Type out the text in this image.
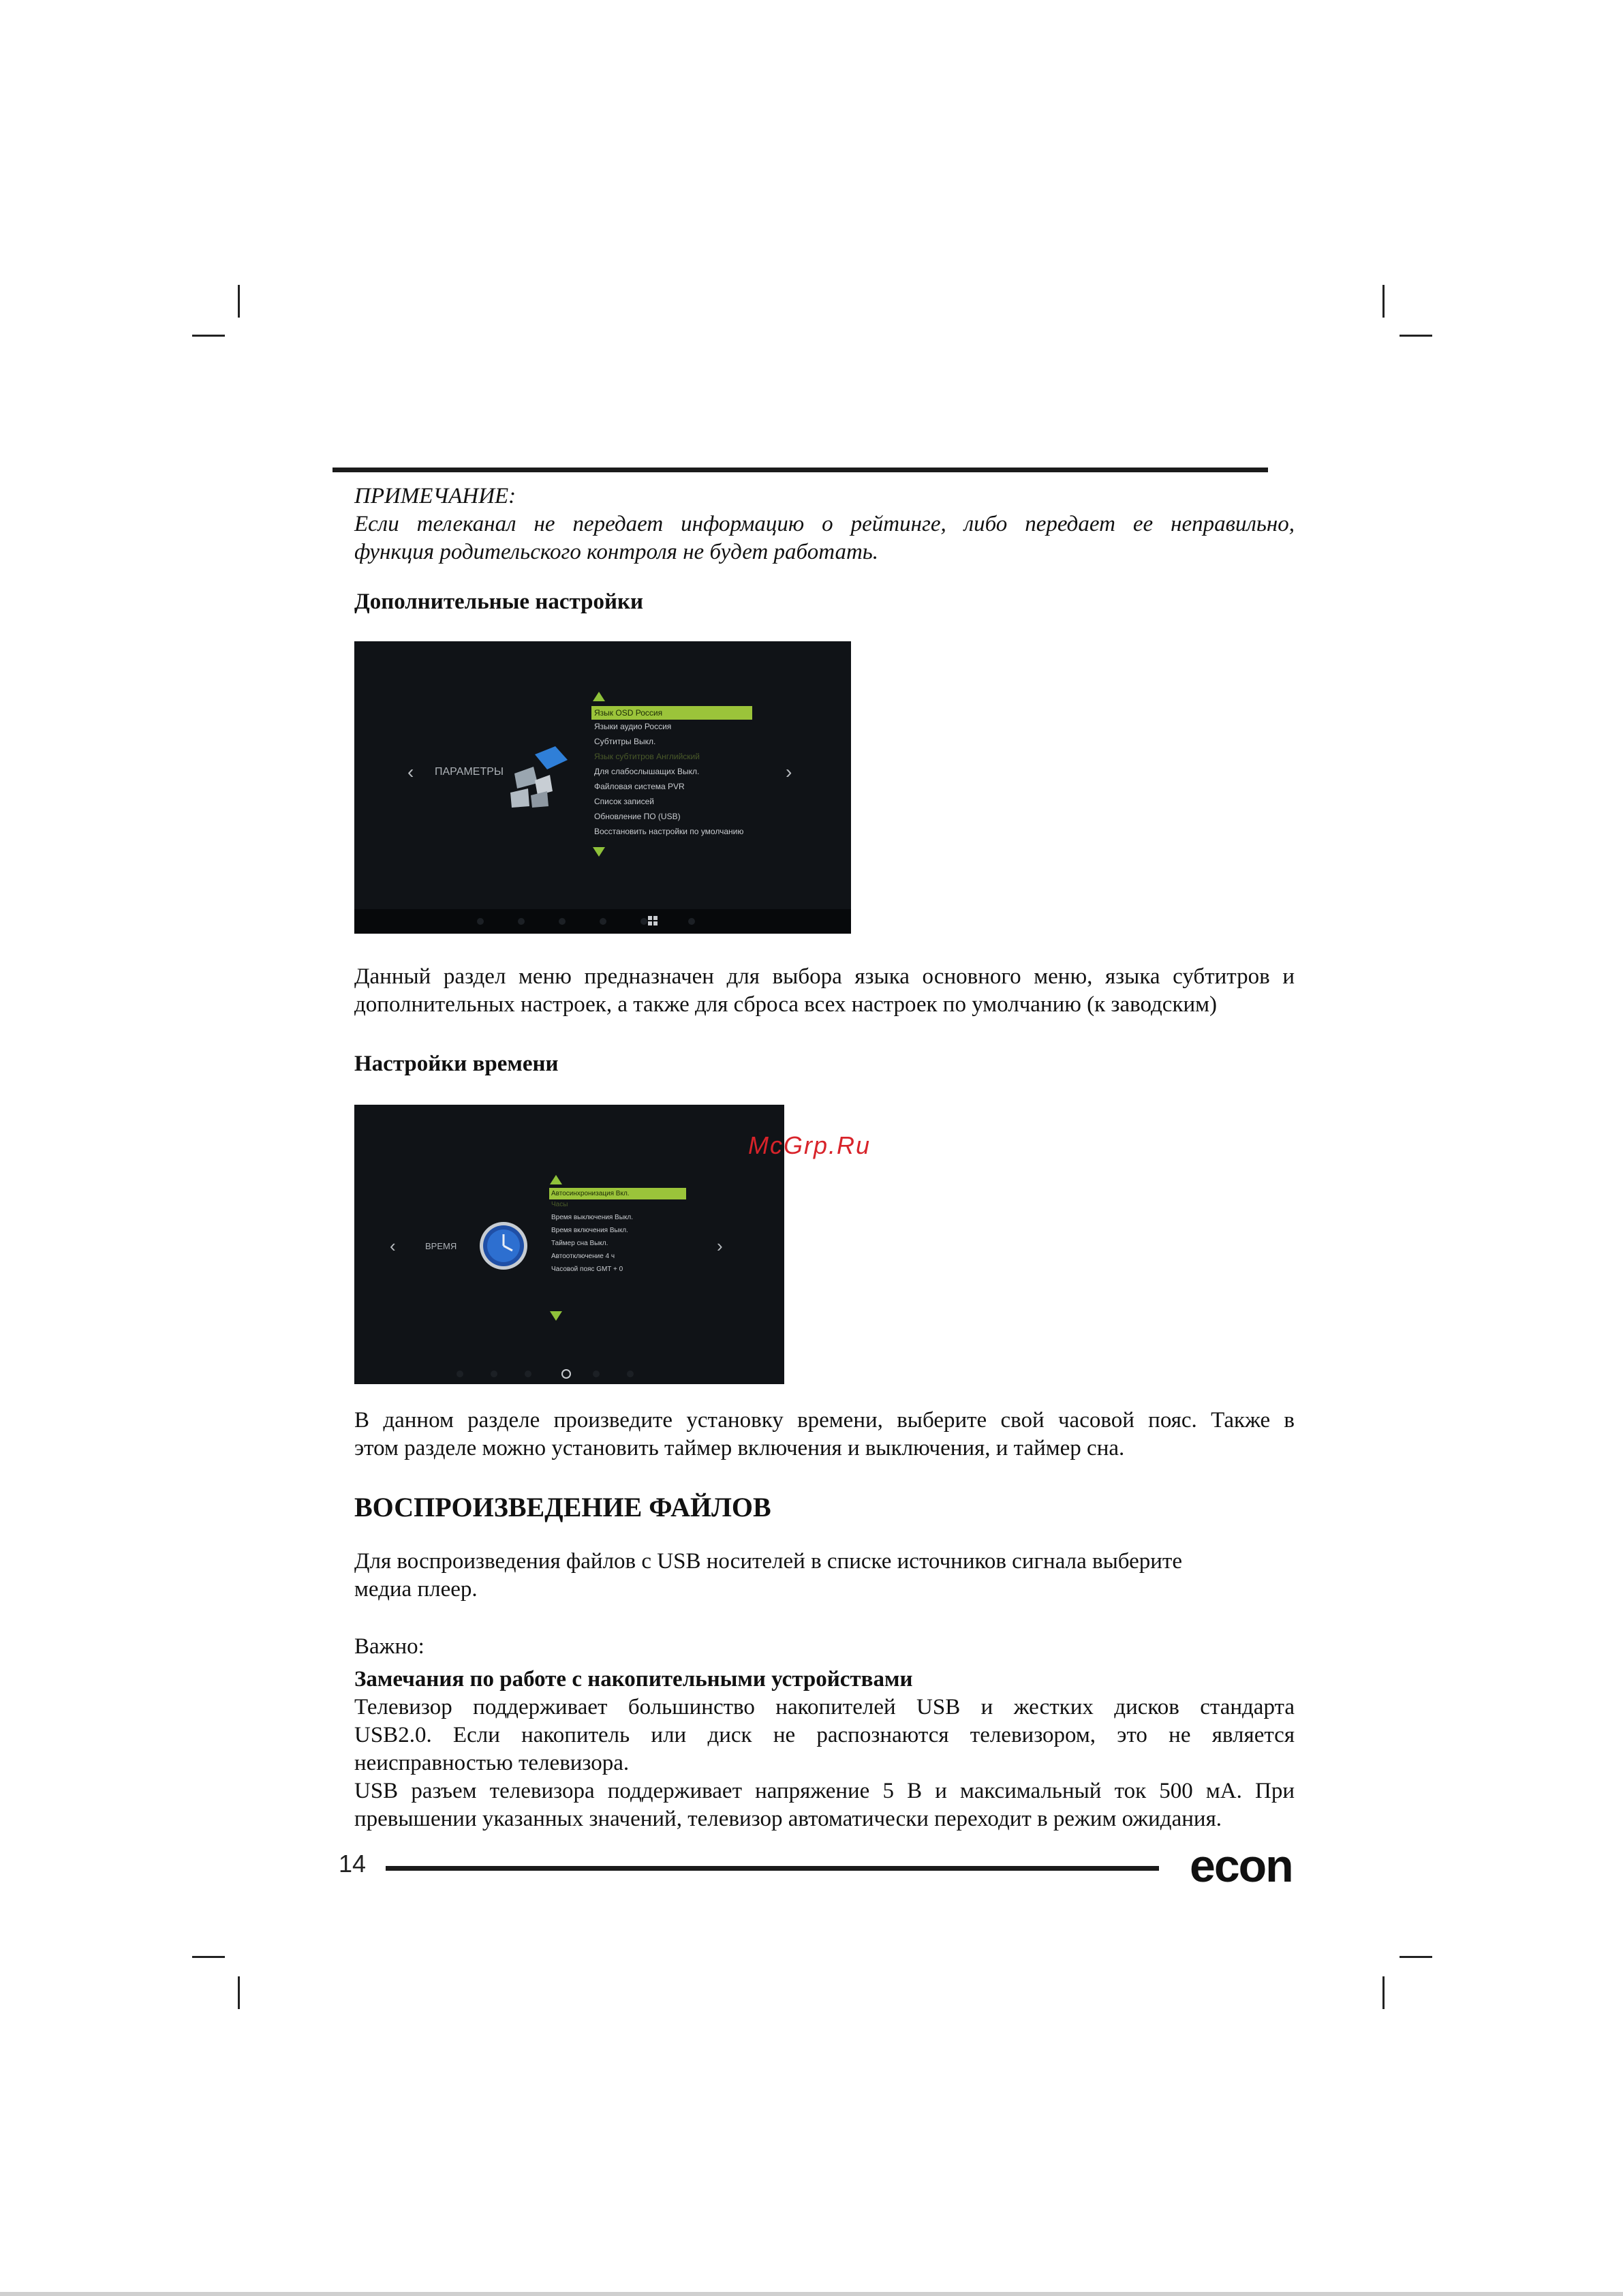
ПРИМЕЧАНИЕ:
Если телеканал не передает информацию о рейтинге, либо передает ее неправильно,
функция родительского контроля не будет работать.
Дополнительные настройки
‹ ПАРАМЕТРЫ
Язык OSD Россия
Языки аудио Россия
Субтитры Выкл.
Язык субтитров Английский
Для слабослышащих Выкл.
Файловая система PVR
Список записей
Обновление ПО (USB)
Восстановить настройки по умолчанию
›
Данный раздел меню предназначен для выбора языка основного меню, языка субтитров и
дополнительных настроек, а также для сброса всех настроек по умолчанию (к заводским)
Настройки времени
‹	ВРЕМЯ
Автосинхронизация Вкл.
Часы
Время выключения Выкл.
Время включения Выкл.
Таймер сна Выкл.
Автоотключение 4 ч
Часовой пояс GMT + 0
›
McGrp.Ru
В данном разделе произведите установку времени, выберите свой часовой пояс. Также в
этом разделе можно установить таймер включения и выключения, и таймер сна.
ВОСПРОИЗВЕДЕНИЕ ФАЙЛОВ
Для воспроизведения файлов с USB носителей в списке источников сигнала выберите
медиа плеер.
Важно:
Замечания по работе с накопительными устройствами
Телевизор поддерживает большинство накопителей USB и жестких дисков стандарта
USB2.0. Если накопитель или диск не распознаются телевизором, это не является
неисправностью телевизора.
USB разъем телевизора поддерживает напряжение 5 В и максимальный ток 500 мА. При
превышении указанных значений, телевизор автоматически переходит в режим ожидания.
14	econ
